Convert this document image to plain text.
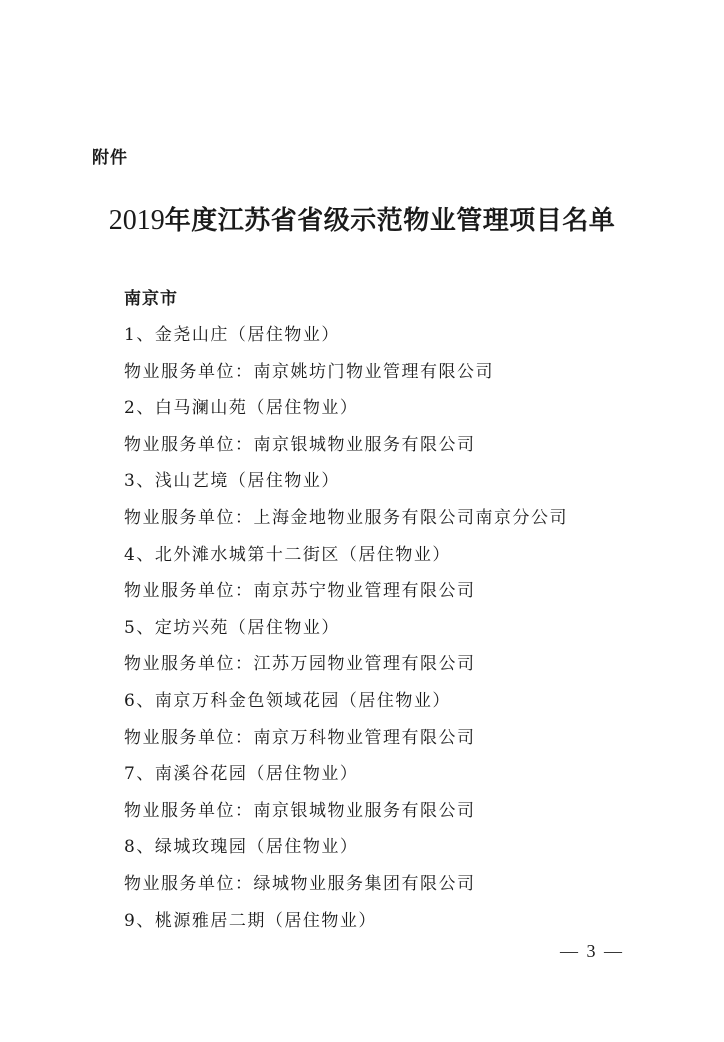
附件
2019年度江苏省省级示范物业管理项目名单
南京市
1、金尧山庄（居住物业）
物业服务单位：南京姚坊门物业管理有限公司
2、白马澜山苑（居住物业）
物业服务单位：南京银城物业服务有限公司
3、浅山艺境（居住物业）
物业服务单位：上海金地物业服务有限公司南京分公司
4、北外滩水城第十二街区（居住物业）
物业服务单位：南京苏宁物业管理有限公司
5、定坊兴苑（居住物业）
物业服务单位：江苏万园物业管理有限公司
6、南京万科金色领域花园（居住物业）
物业服务单位：南京万科物业管理有限公司
7、南溪谷花园（居住物业）
物业服务单位：南京银城物业服务有限公司
8、绿城玫瑰园（居住物业）
物业服务单位：绿城物业服务集团有限公司
9、桃源雅居二期（居住物业）
— 3 —
